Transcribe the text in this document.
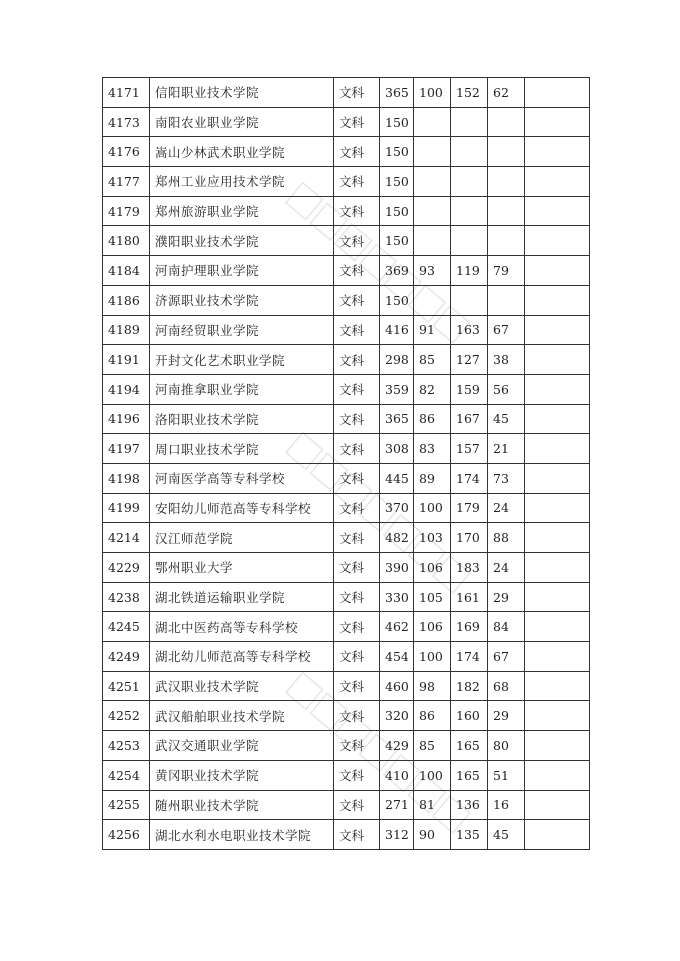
4171	信阳职业技术学院	文科	365	100	152	62	
4173	南阳农业职业学院	文科	150				
4176	嵩山少林武术职业学院	文科	150				
4177	郑州工业应用技术学院	文科	150				
4179	郑州旅游职业学院	文科	150				
4180	濮阳职业技术学院	文科	150				
4184	河南护理职业学院	文科	369	93	119	79	
4186	济源职业技术学院	文科	150				
4189	河南经贸职业学院	文科	416	91	163	67	
4191	开封文化艺术职业学院	文科	298	85	127	38	
4194	河南推拿职业学院	文科	359	82	159	56	
4196	洛阳职业技术学院	文科	365	86	167	45	
4197	周口职业技术学院	文科	308	83	157	21	
4198	河南医学高等专科学校	文科	445	89	174	73	
4199	安阳幼儿师范高等专科学校	文科	370	100	179	24	
4214	汉江师范学院	文科	482	103	170	88	
4229	鄂州职业大学	文科	390	106	183	24	
4238	湖北铁道运输职业学院	文科	330	105	161	29	
4245	湖北中医药高等专科学校	文科	462	106	169	84	
4249	湖北幼儿师范高等专科学校	文科	454	100	174	67	
4251	武汉职业技术学院	文科	460	98	182	68	
4252	武汉船舶职业技术学院	文科	320	86	160	29	
4253	武汉交通职业学院	文科	429	85	165	80	
4254	黄冈职业技术学院	文科	410	100	165	51	
4255	随州职业技术学院	文科	271	81	136	16	
4256	湖北水利水电职业技术学院	文科	312	90	135	45	
